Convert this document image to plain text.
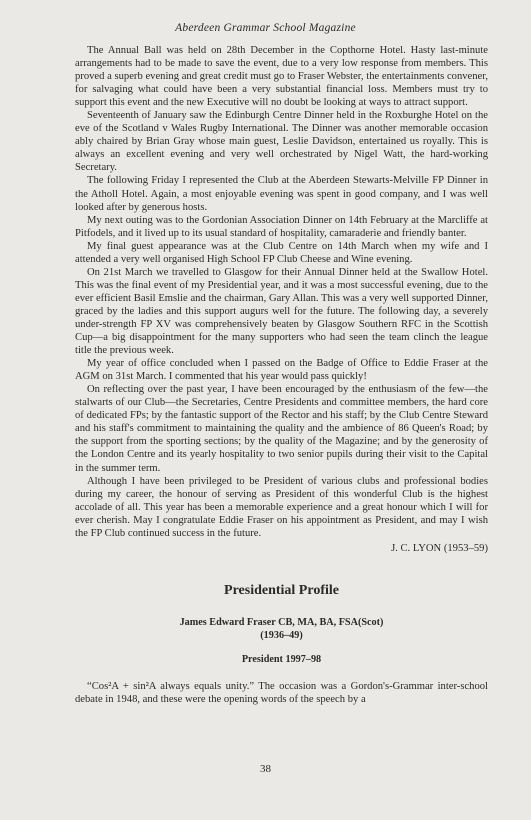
Aberdeen Grammar School Magazine

The Annual Ball was held on 28th December in the Copthorne Hotel. Hasty last-minute arrangements had to be made to save the event, due to a very low response from members. This proved a superb evening and great credit must go to Fraser Webster, the entertainments convener, for salvaging what could have been a very substantial financial loss. Members must try to support this event and the new Executive will no doubt be looking at ways to attract support.

Seventeenth of January saw the Edinburgh Centre Dinner held in the Roxburghe Hotel on the eve of the Scotland v Wales Rugby International. The Dinner was another memorable occasion ably chaired by Brian Gray whose main guest, Leslie Davidson, entertained us royally. This is always an excellent evening and very well orchestrated by Nigel Watt, the hard-working Secretary.

The following Friday I represented the Club at the Aberdeen Stewarts-Melville FP Dinner in the Atholl Hotel. Again, a most enjoyable evening was spent in good company, and I was well looked after by generous hosts.

My next outing was to the Gordonian Association Dinner on 14th February at the Marcliffe at Pitfodels, and it lived up to its usual standard of hospitality, camaraderie and friendly banter.

My final guest appearance was at the Club Centre on 14th March when my wife and I attended a very well organised High School FP Club Cheese and Wine evening.

On 21st March we travelled to Glasgow for their Annual Dinner held at the Swallow Hotel. This was the final event of my Presidential year, and it was a most successful evening, due to the ever efficient Basil Emslie and the chairman, Gary Allan. This was a very well supported Dinner, graced by the ladies and this support augurs well for the future. The following day, a severely under-strength FP XV was comprehensively beaten by Glasgow Southern RFC in the Scottish Cup—a big disappointment for the many supporters who had seen the team clinch the league title the previous week.

My year of office concluded when I passed on the Badge of Office to Eddie Fraser at the AGM on 31st March. I commented that his year would pass quickly!

On reflecting over the past year, I have been encouraged by the enthusiasm of the few—the stalwarts of our Club—the Secretaries, Centre Presidents and committee members, the hard core of dedicated FPs; by the fantastic support of the Rector and his staff; by the Club Centre Steward and his staff's commitment to maintaining the quality and the ambience of 86 Queen's Road; by the support from the sporting sections; by the quality of the Magazine; and by the generosity of the London Centre and its yearly hospitality to two senior pupils during their visit to the Capital in the summer term.

Although I have been privileged to be President of various clubs and professional bodies during my career, the honour of serving as President of this wonderful Club is the highest accolade of all. This year has been a memorable experience and a great honour which I will for ever cherish. May I congratulate Eddie Fraser on his appointment as President, and may I wish the FP Club continued success in the future.

J. C. LYON (1953–59)

Presidential Profile

James Edward Fraser CB, MA, BA, FSA(Scot)

(1936–49)

President 1997–98

“Cos²A + sin²A always equals unity.” The occasion was a Gordon's-Grammar inter-school debate in 1948, and these were the opening words of the speech by a

38
